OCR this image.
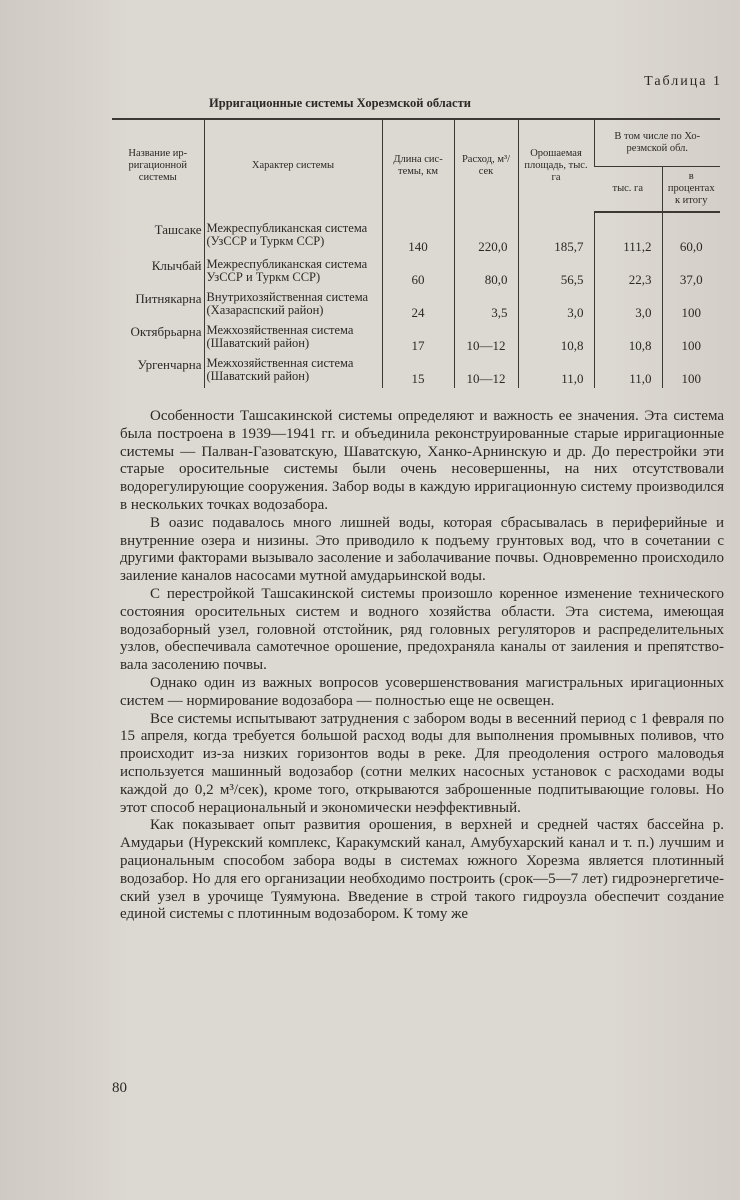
Таблица 1
Ирригационные системы Хорезмской области
Название ирригационной системы	Характер системы	Длина системы, км	Расход, м³/сек	Орошаемая площадь, тыс. га	В том числе по Хорезмской обл.	
					тыс. га	в процентах к итогу
Ташсаке	Межреспубликанская система (УзССР и Туркм ССР)	140	220,0	185,7	111,2	60,0
Клычбай	Межреспубликанская система УзССР и Туркм ССР)	60	80,0	56,5	22,3	37,0
Питнякарна	Внутрихозяйственная система (Хазараспский район)	24	3,5	3,0	3,0	100
Октябрьарна	Межхозяйственная система (Шаватский район)	17	10—12	10,8	10,8	100
Ургенчарна	Межхозяйственная система (Шаватский район)	15	10—12	11,0	11,0	100

Особенности Ташсакинской системы определяют и важность ее значения. Эта система была построена в 1939—1941 гг. и объединила реконструированные старые ирригационные системы — Палван-Газоватскую, Шаватскую, Ханко-Арнинскую и др. До перестройки эти старые оросительные системы были очень несовершенны, на них отсутствовали водорегулирующие сооружения. Забор воды в каждую ирригационную систему производился в нескольких точках водозабора.

В оазис подавалось много лишней воды, которая сбрасывалась в периферийные и внутренние озера и низины. Это приводило к подъему грунтовых вод, что в сочетании с другими факторами вызывало засоление и заболачивание почвы. Одновременно происходило заиление каналов насосами мутной амударьинской воды.

С перестройкой Ташсакинской системы произошло коренное изменение технического состояния оросительных систем и водного хозяйства области. Эта система, имеющая водозаборный узел, головной отстойник, ряд головных регуляторов и распределительных узлов, обеспечивала самотечное орошение, предохраняла каналы от заиления и препятствовала засолению почвы.

Однако один из важных вопросов усовершенствования магистральных иригационных систем — нормирование водозабора — полностью еще не освещен.

Все системы испытывают затруднения с забором воды в весенний период с 1 февраля по 15 апреля, когда требуется большой расход воды для выполнения промывных поливов, что происходит из-за низких горизонтов воды в реке. Для преодоления острого маловодья используется машинный водозабор (сотни мелких насосных установок с расходами воды каждой до 0,2 м³/сек), кроме того, открываются заброшенные подпитывающие головы. Но этот способ нерациональный и экономически неэффективный.

Как показывает опыт развития орошения, в верхней и средней частях бассейна р. Амударьи (Нурекский комплекс, Каракумский канал, Амубухарский канал и т. п.) лучшим и рациональным способом забора воды в системах южного Хорезма является плотинный водозабор. Но для его организации необходимо построить (срок—5—7 лет) гидроэнергетический узел в урочище Туямуюна. Введение в строй такого гидроузла обеспечит создание единой системы с плотинным водозабором. К тому же

80
